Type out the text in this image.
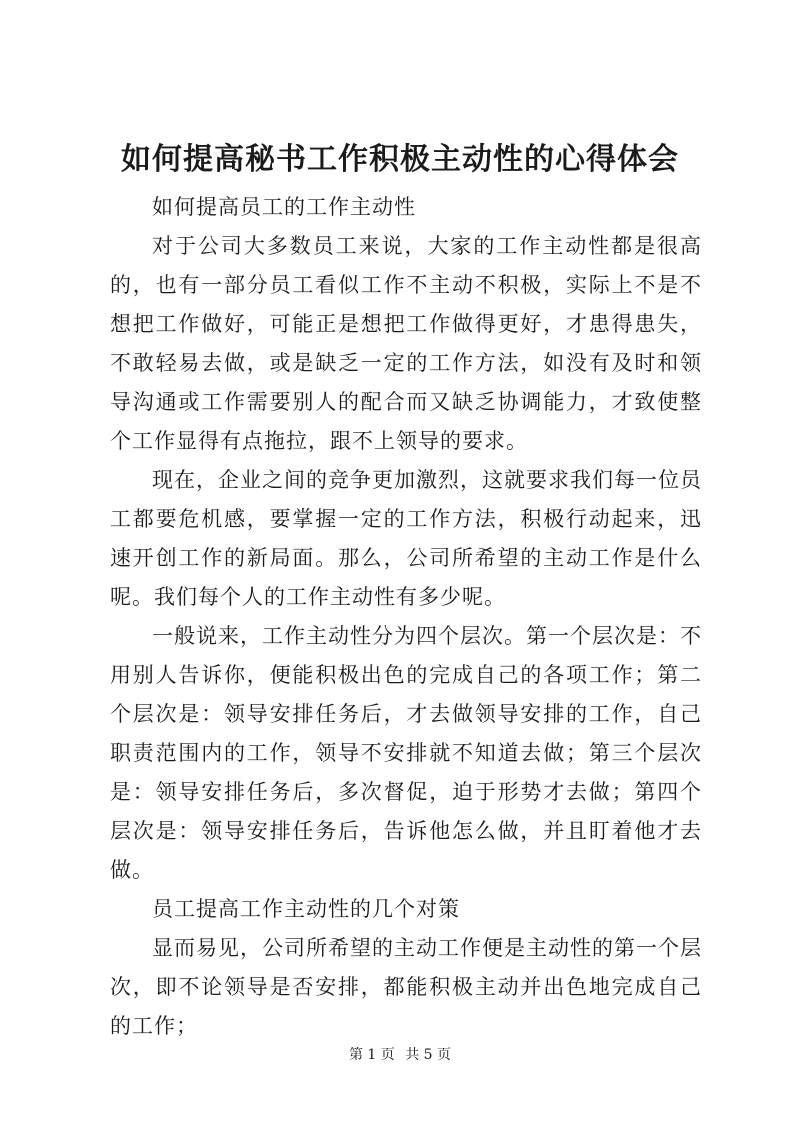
如何提高秘书工作积极主动性的心得体会

如何提高员工的工作主动性

对于公司大多数员工来说，大家的工作主动性都是很高的，也有一部分员工看似工作不主动不积极，实际上不是不想把工作做好，可能正是想把工作做得更好，才患得患失，不敢轻易去做，或是缺乏一定的工作方法，如没有及时和领导沟通或工作需要别人的配合而又缺乏协调能力，才致使整个工作显得有点拖拉，跟不上领导的要求。

现在，企业之间的竞争更加激烈，这就要求我们每一位员工都要危机感，要掌握一定的工作方法，积极行动起来，迅速开创工作的新局面。那么，公司所希望的主动工作是什么呢。我们每个人的工作主动性有多少呢。

一般说来，工作主动性分为四个层次。第一个层次是：不用别人告诉你，便能积极出色的完成自己的各项工作；第二个层次是：领导安排任务后，才去做领导安排的工作，自己职责范围内的工作，领导不安排就不知道去做；第三个层次是：领导安排任务后，多次督促，迫于形势才去做；第四个层次是：领导安排任务后，告诉他怎么做，并且盯着他才去做。

员工提高工作主动性的几个对策

显而易见，公司所希望的主动工作便是主动性的第一个层次，即不论领导是否安排，都能积极主动并出色地完成自己的工作；

第 1 页 共 5 页
